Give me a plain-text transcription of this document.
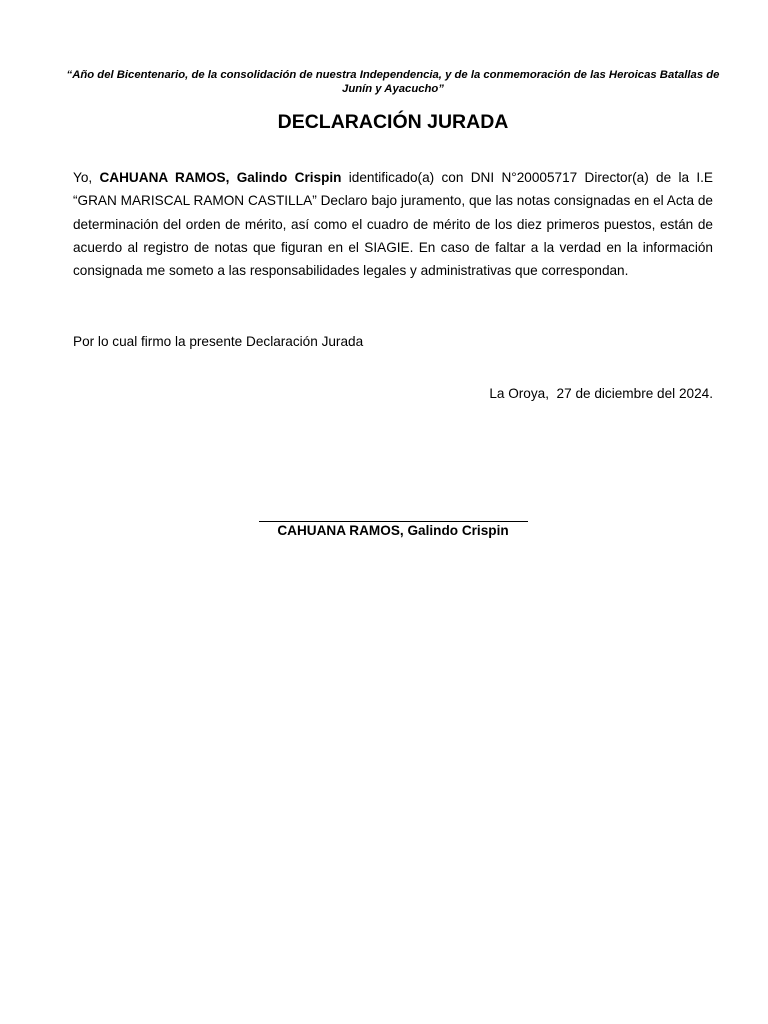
“Año del Bicentenario, de la consolidación de nuestra Independencia, y de la conmemoración de las Heroicas Batallas de Junín y Ayacucho”
DECLARACIÓN JURADA

Yo, CAHUANA RAMOS, Galindo Crispin identificado(a) con DNI N°20005717 Director(a) de la I.E “GRAN MARISCAL RAMON CASTILLA” Declaro bajo juramento, que las notas consignadas en el Acta de determinación del orden de mérito, así como el cuadro de mérito de los diez primeros puestos, están de acuerdo al registro de notas que figuran en el SIAGIE. En caso de faltar a la verdad en la información consignada me someto a las responsabilidades legales y administrativas que correspondan.

Por lo cual firmo la presente Declaración Jurada

La Oroya,  27 de diciembre del 2024.

CAHUANA RAMOS, Galindo Crispin
